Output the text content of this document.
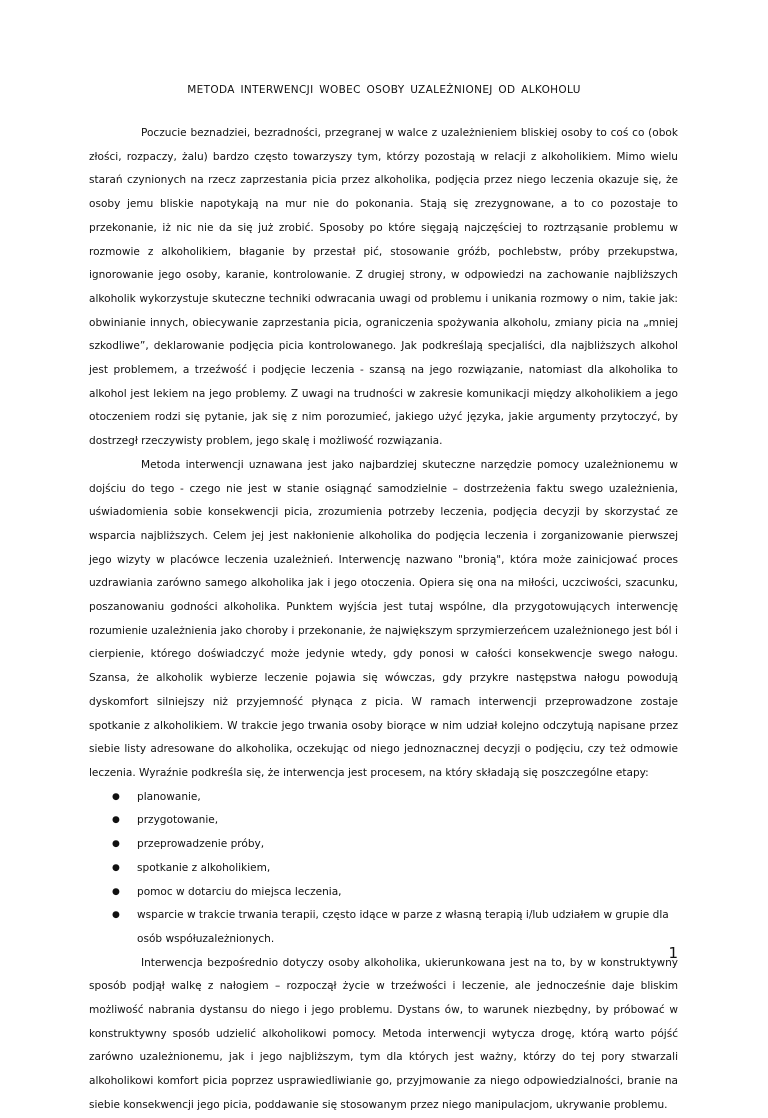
METODA INTERWENCJI WOBEC OSOBY UZALEŻNIONEJ OD ALKOHOLU

Poczucie beznadziei, bezradności, przegranej w walce z uzależnieniem bliskiej osoby to coś co (obok złości, rozpaczy, żalu) bardzo często towarzyszy tym, którzy pozostają w relacji z alkoholikiem. Mimo wielu starań czynionych na rzecz zaprzestania picia przez alkoholika, podjęcia przez niego leczenia okazuje się, że osoby jemu bliskie napotykają na mur nie do pokonania. Stają się zrezygnowane, a to co pozostaje to przekonanie, iż nic nie da się już zrobić. Sposoby po które sięgają najczęściej to roztrząsanie problemu w rozmowie z alkoholikiem, błaganie by przestał pić, stosowanie gróźb, pochlebstw, próby przekupstwa, ignorowanie jego osoby, karanie, kontrolowanie. Z drugiej strony, w odpowiedzi na zachowanie najbliższych alkoholik wykorzystuje skuteczne techniki odwracania uwagi od problemu i unikania rozmowy o nim, takie jak: obwinianie innych, obiecywanie zaprzestania picia, ograniczenia spożywania alkoholu, zmiany picia na „mniej szkodliwe”, deklarowanie podjęcia picia kontrolowanego. Jak podkreślają specjaliści, dla najbliższych alkohol jest problemem, a trzeźwość i podjęcie leczenia - szansą na jego rozwiązanie, natomiast dla alkoholika to alkohol jest lekiem na jego problemy. Z uwagi na trudności w zakresie komunikacji między alkoholikiem a jego otoczeniem rodzi się pytanie, jak się z nim porozumieć, jakiego użyć języka, jakie argumenty przytoczyć, by dostrzegł rzeczywisty problem, jego skalę i możliwość rozwiązania.

Metoda interwencji uznawana jest jako najbardziej skuteczne narzędzie pomocy uzależnionemu w dojściu do tego - czego nie jest w stanie osiągnąć samodzielnie – dostrzeżenia faktu swego uzależnienia, uświadomienia sobie konsekwencji picia, zrozumienia potrzeby leczenia, podjęcia decyzji by skorzystać ze wsparcia najbliższych. Celem jej jest nakłonienie alkoholika do podjęcia leczenia i zorganizowanie pierwszej jego wizyty w placówce leczenia uzależnień. Interwencję nazwano "bronią", która może zainicjować proces uzdrawiania zarówno samego alkoholika jak i jego otoczenia. Opiera się ona na miłości, uczciwości, szacunku, poszanowaniu godności alkoholika. Punktem wyjścia jest tutaj wspólne, dla przygotowujących interwencję rozumienie uzależnienia jako choroby i przekonanie, że największym sprzymierzeńcem uzależnionego jest ból i cierpienie, którego doświadczyć może jedynie wtedy, gdy ponosi w całości konsekwencje swego nałogu. Szansa, że alkoholik wybierze leczenie pojawia się wówczas, gdy przykre następstwa nałogu powodują dyskomfort silniejszy niż przyjemność płynąca z picia. W ramach interwencji przeprowadzone zostaje spotkanie z alkoholikiem. W trakcie jego trwania osoby biorące w nim udział kolejno odczytują napisane przez siebie listy adresowane do alkoholika, oczekując od niego jednoznacznej decyzji o podjęciu, czy też odmowie leczenia. Wyraźnie podkreśla się, że interwencja jest procesem, na który składają się poszczególne etapy:

● planowanie,
● przygotowanie,
● przeprowadzenie próby,
● spotkanie z alkoholikiem,
● pomoc w dotarciu do miejsca leczenia,
● wsparcie w trakcie trwania terapii, często idące w parze z własną terapią i/lub udziałem w grupie dla osób współuzależnionych.

Interwencja bezpośrednio dotyczy osoby alkoholika, ukierunkowana jest na to, by w konstruktywny sposób podjął walkę z nałogiem – rozpoczął życie w trzeźwości i leczenie, ale jednocześnie daje bliskim możliwość nabrania dystansu do niego i jego problemu. Dystans ów, to warunek niezbędny, by próbować w konstruktywny sposób udzielić alkoholikowi pomocy. Metoda interwencji wytycza drogę, którą warto pójść zarówno uzależnionemu, jak i jego najbliższym, tym dla których jest ważny, którzy do tej pory stwarzali alkoholikowi komfort picia poprzez usprawiedliwianie go, przyjmowanie za niego odpowiedzialności, branie na siebie konsekwencji jego picia, poddawanie się stosowanym przez niego manipulacjom, ukrywanie problemu.

1
